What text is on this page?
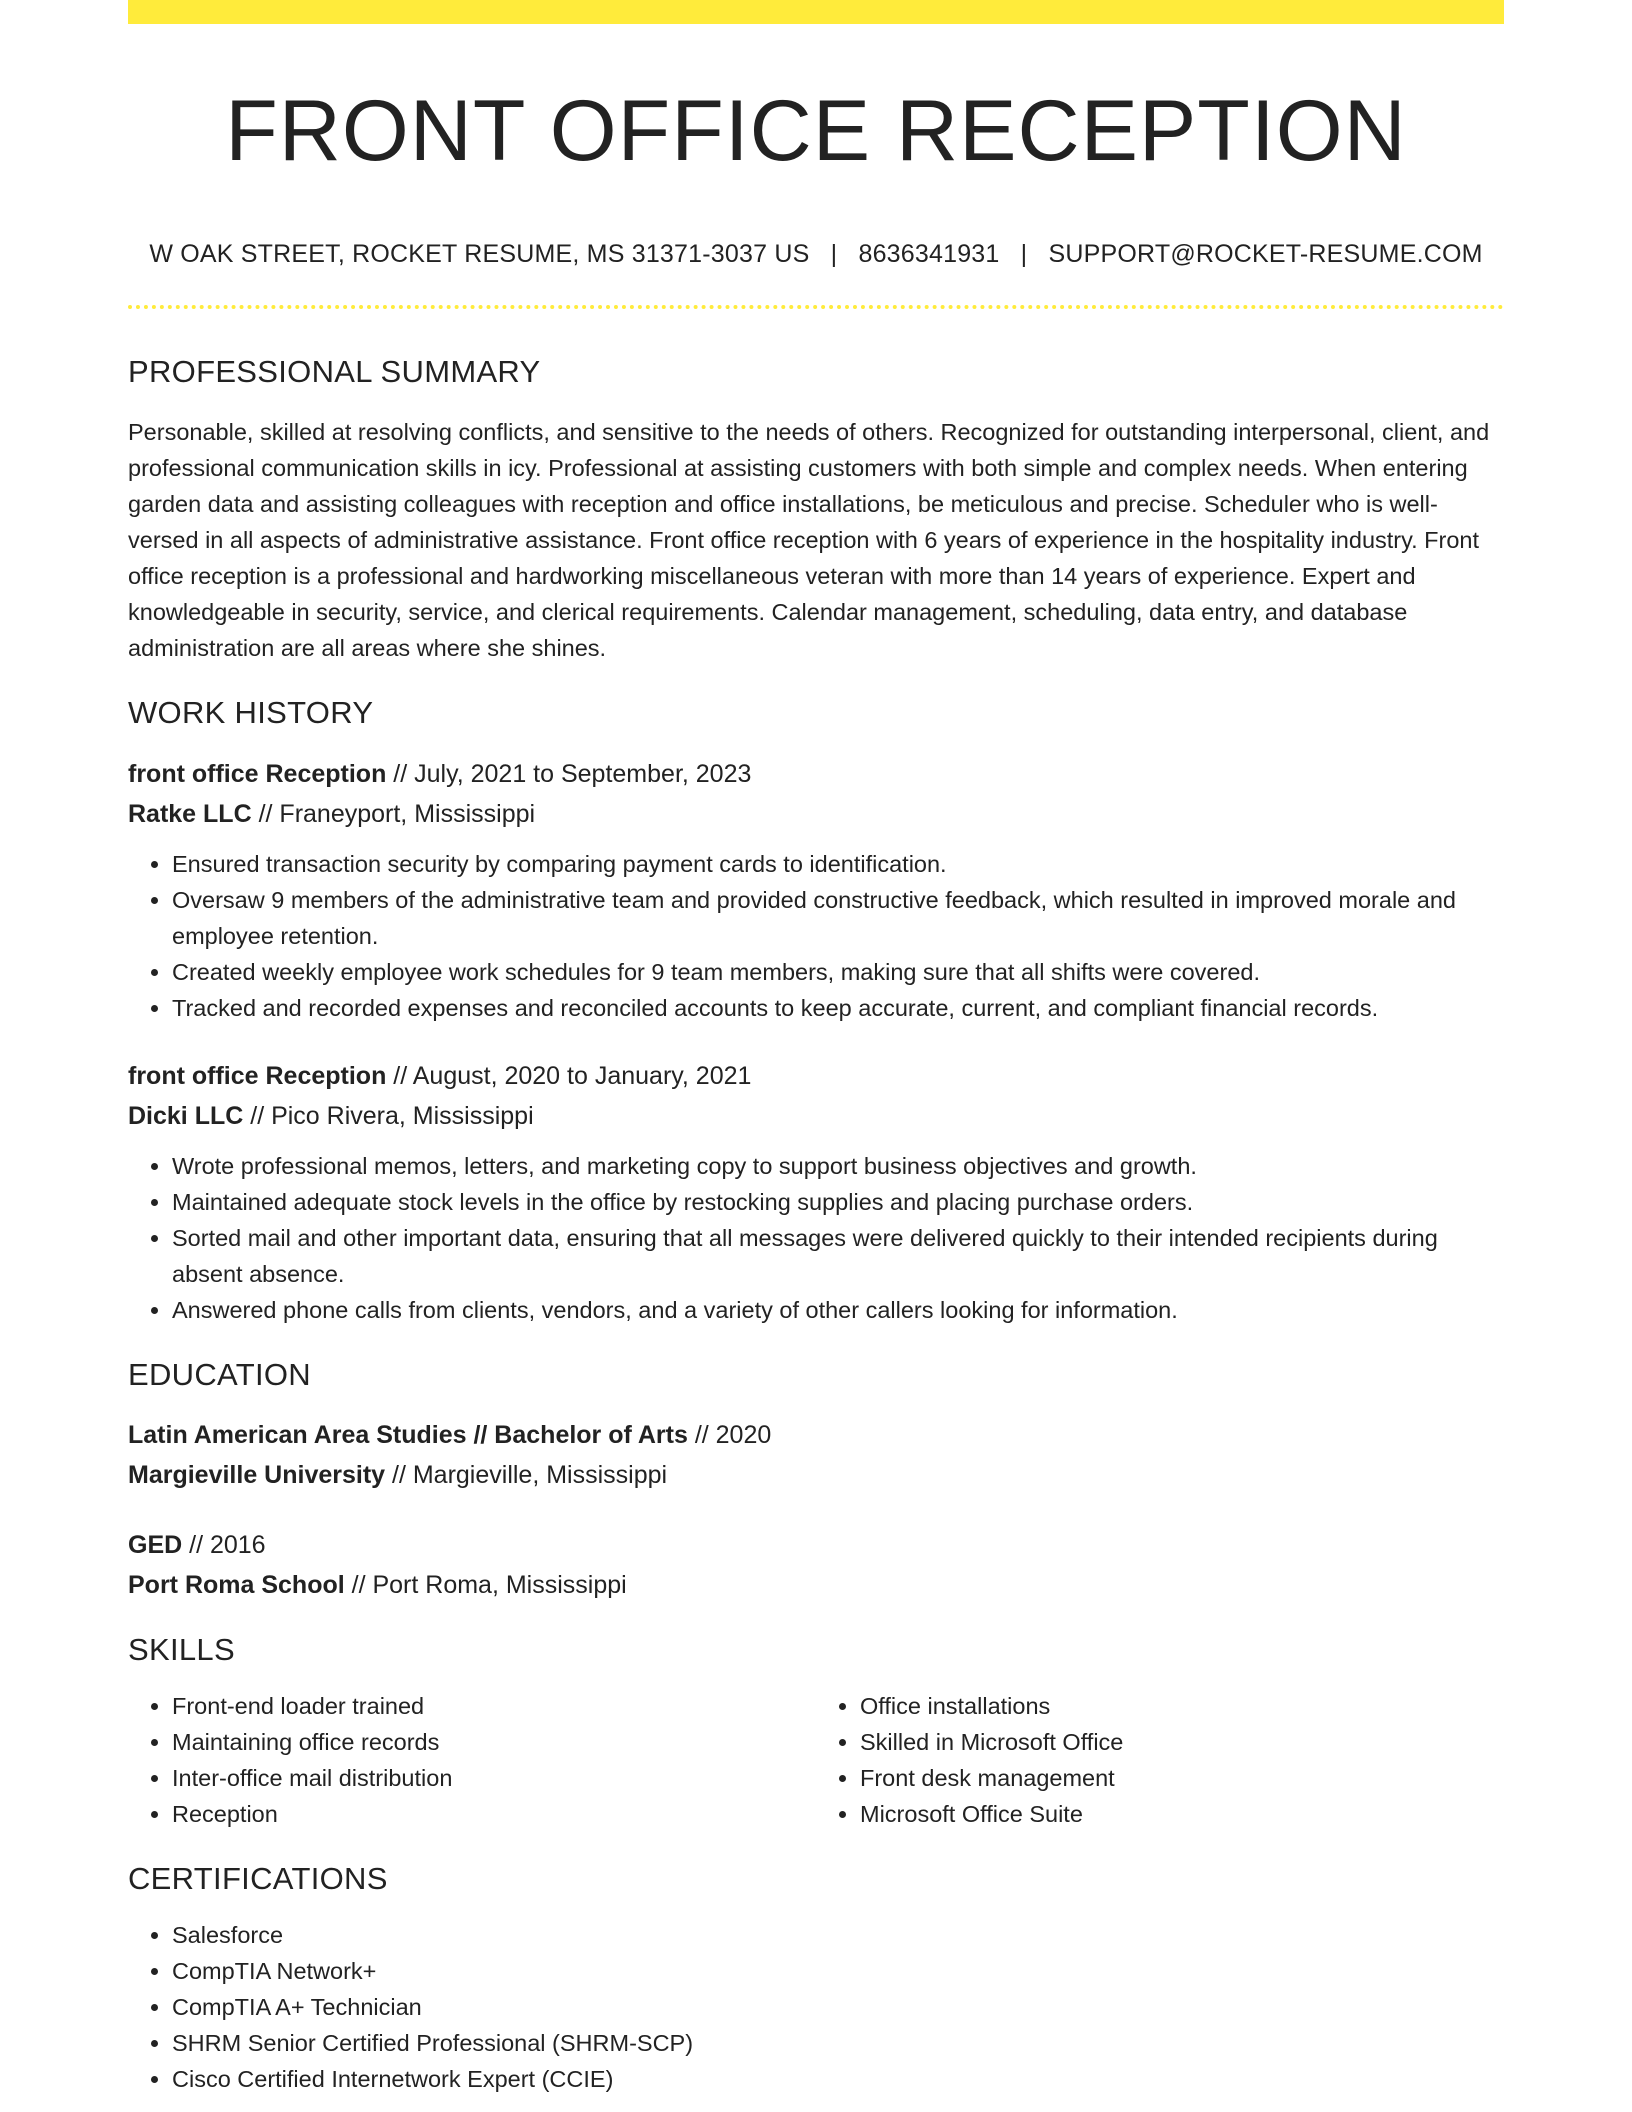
FRONT OFFICE RECEPTION
W OAK STREET, ROCKET RESUME, MS 31371-3037 US | 8636341931 | SUPPORT@ROCKET-RESUME.COM
PROFESSIONAL SUMMARY
Personable, skilled at resolving conflicts, and sensitive to the needs of others. Recognized for outstanding interpersonal, client, and professional communication skills in icy. Professional at assisting customers with both simple and complex needs. When entering garden data and assisting colleagues with reception and office installations, be meticulous and precise. Scheduler who is well-versed in all aspects of administrative assistance. Front office reception with 6 years of experience in the hospitality industry. Front office reception is a professional and hardworking miscellaneous veteran with more than 14 years of experience. Expert and knowledgeable in security, service, and clerical requirements. Calendar management, scheduling, data entry, and database administration are all areas where she shines.
WORK HISTORY
front office Reception // July, 2021 to September, 2023
Ratke LLC // Franeyport, Mississippi
• Ensured transaction security by comparing payment cards to identification.
• Oversaw 9 members of the administrative team and provided constructive feedback, which resulted in improved morale and employee retention.
• Created weekly employee work schedules for 9 team members, making sure that all shifts were covered.
• Tracked and recorded expenses and reconciled accounts to keep accurate, current, and compliant financial records.
front office Reception // August, 2020 to January, 2021
Dicki LLC // Pico Rivera, Mississippi
• Wrote professional memos, letters, and marketing copy to support business objectives and growth.
• Maintained adequate stock levels in the office by restocking supplies and placing purchase orders.
• Sorted mail and other important data, ensuring that all messages were delivered quickly to their intended recipients during absent absence.
• Answered phone calls from clients, vendors, and a variety of other callers looking for information.
EDUCATION
Latin American Area Studies // Bachelor of Arts // 2020
Margieville University // Margieville, Mississippi
GED // 2016
Port Roma School // Port Roma, Mississippi
SKILLS
• Front-end loader trained
• Maintaining office records
• Inter-office mail distribution
• Reception
• Office installations
• Skilled in Microsoft Office
• Front desk management
• Microsoft Office Suite
CERTIFICATIONS
• Salesforce
• CompTIA Network+
• CompTIA A+ Technician
• SHRM Senior Certified Professional (SHRM-SCP)
• Cisco Certified Internetwork Expert (CCIE)
